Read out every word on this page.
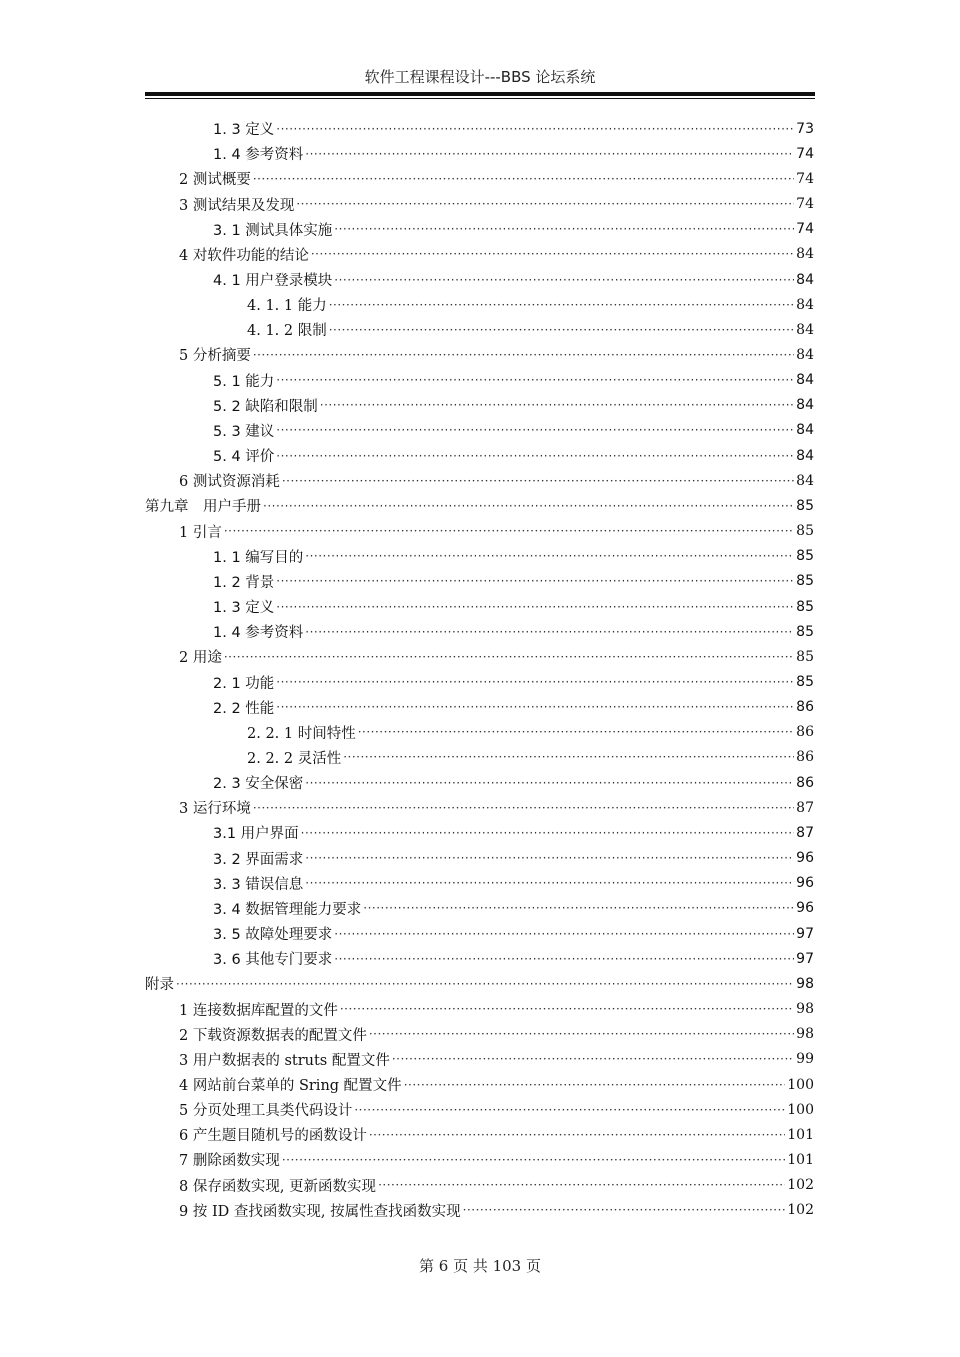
软件工程课程设计---BBS 论坛系统
1. 3 定义 ·····	73
1. 4 参考资料 ·····	74
2 测试概要 ·····	74
3 测试结果及发现 ·····	74
3. 1 测试具体实施 ·····	74
4 对软件功能的结论 ·····	84
4. 1 用户登录模块 ·····	84
4. 1. 1 能力 ·····	84
4. 1. 2 限制 ·····	84
5 分析摘要 ·····	84
5. 1 能力 ·····	84
5. 2 缺陷和限制 ·····	84
5. 3 建议 ·····	84
5. 4 评价 ·····	84
6 测试资源消耗 ·····	84
第九章　用户手册 ·····	85
1 引言 ·····	85
1. 1 编写目的 ·····	85
1. 2 背景 ·····	85
1. 3 定义 ·····	85
1. 4 参考资料 ·····	85
2 用途 ·····	85
2. 1 功能 ·····	85
2. 2 性能 ·····	86
2. 2. 1 时间特性 ·····	86
2. 2. 2 灵活性 ·····	86
2. 3 安全保密 ·····	86
3 运行环境 ·····	87
3.1 用户界面 ·····	87
3. 2 界面需求 ·····	96
3. 3 错误信息 ·····	96
3. 4 数据管理能力要求 ·····	96
3. 5 故障处理要求 ·····	97
3. 6 其他专门要求 ·····	97
附录 ·····	98
1 连接数据库配置的文件 ·····	98
2 下载资源数据表的配置文件 ·····	98
3 用户数据表的 struts 配置文件 ·····	99
4 网站前台菜单的 Sring 配置文件 ·····	100
5 分页处理工具类代码设计 ·····	100
6 产生题目随机号的函数设计 ·····	101
7 删除函数实现 ·····	101
8 保存函数实现, 更新函数实现 ·····	102
9 按 ID 查找函数实现, 按属性查找函数实现 ·····	102
第 6 页 共 103 页
